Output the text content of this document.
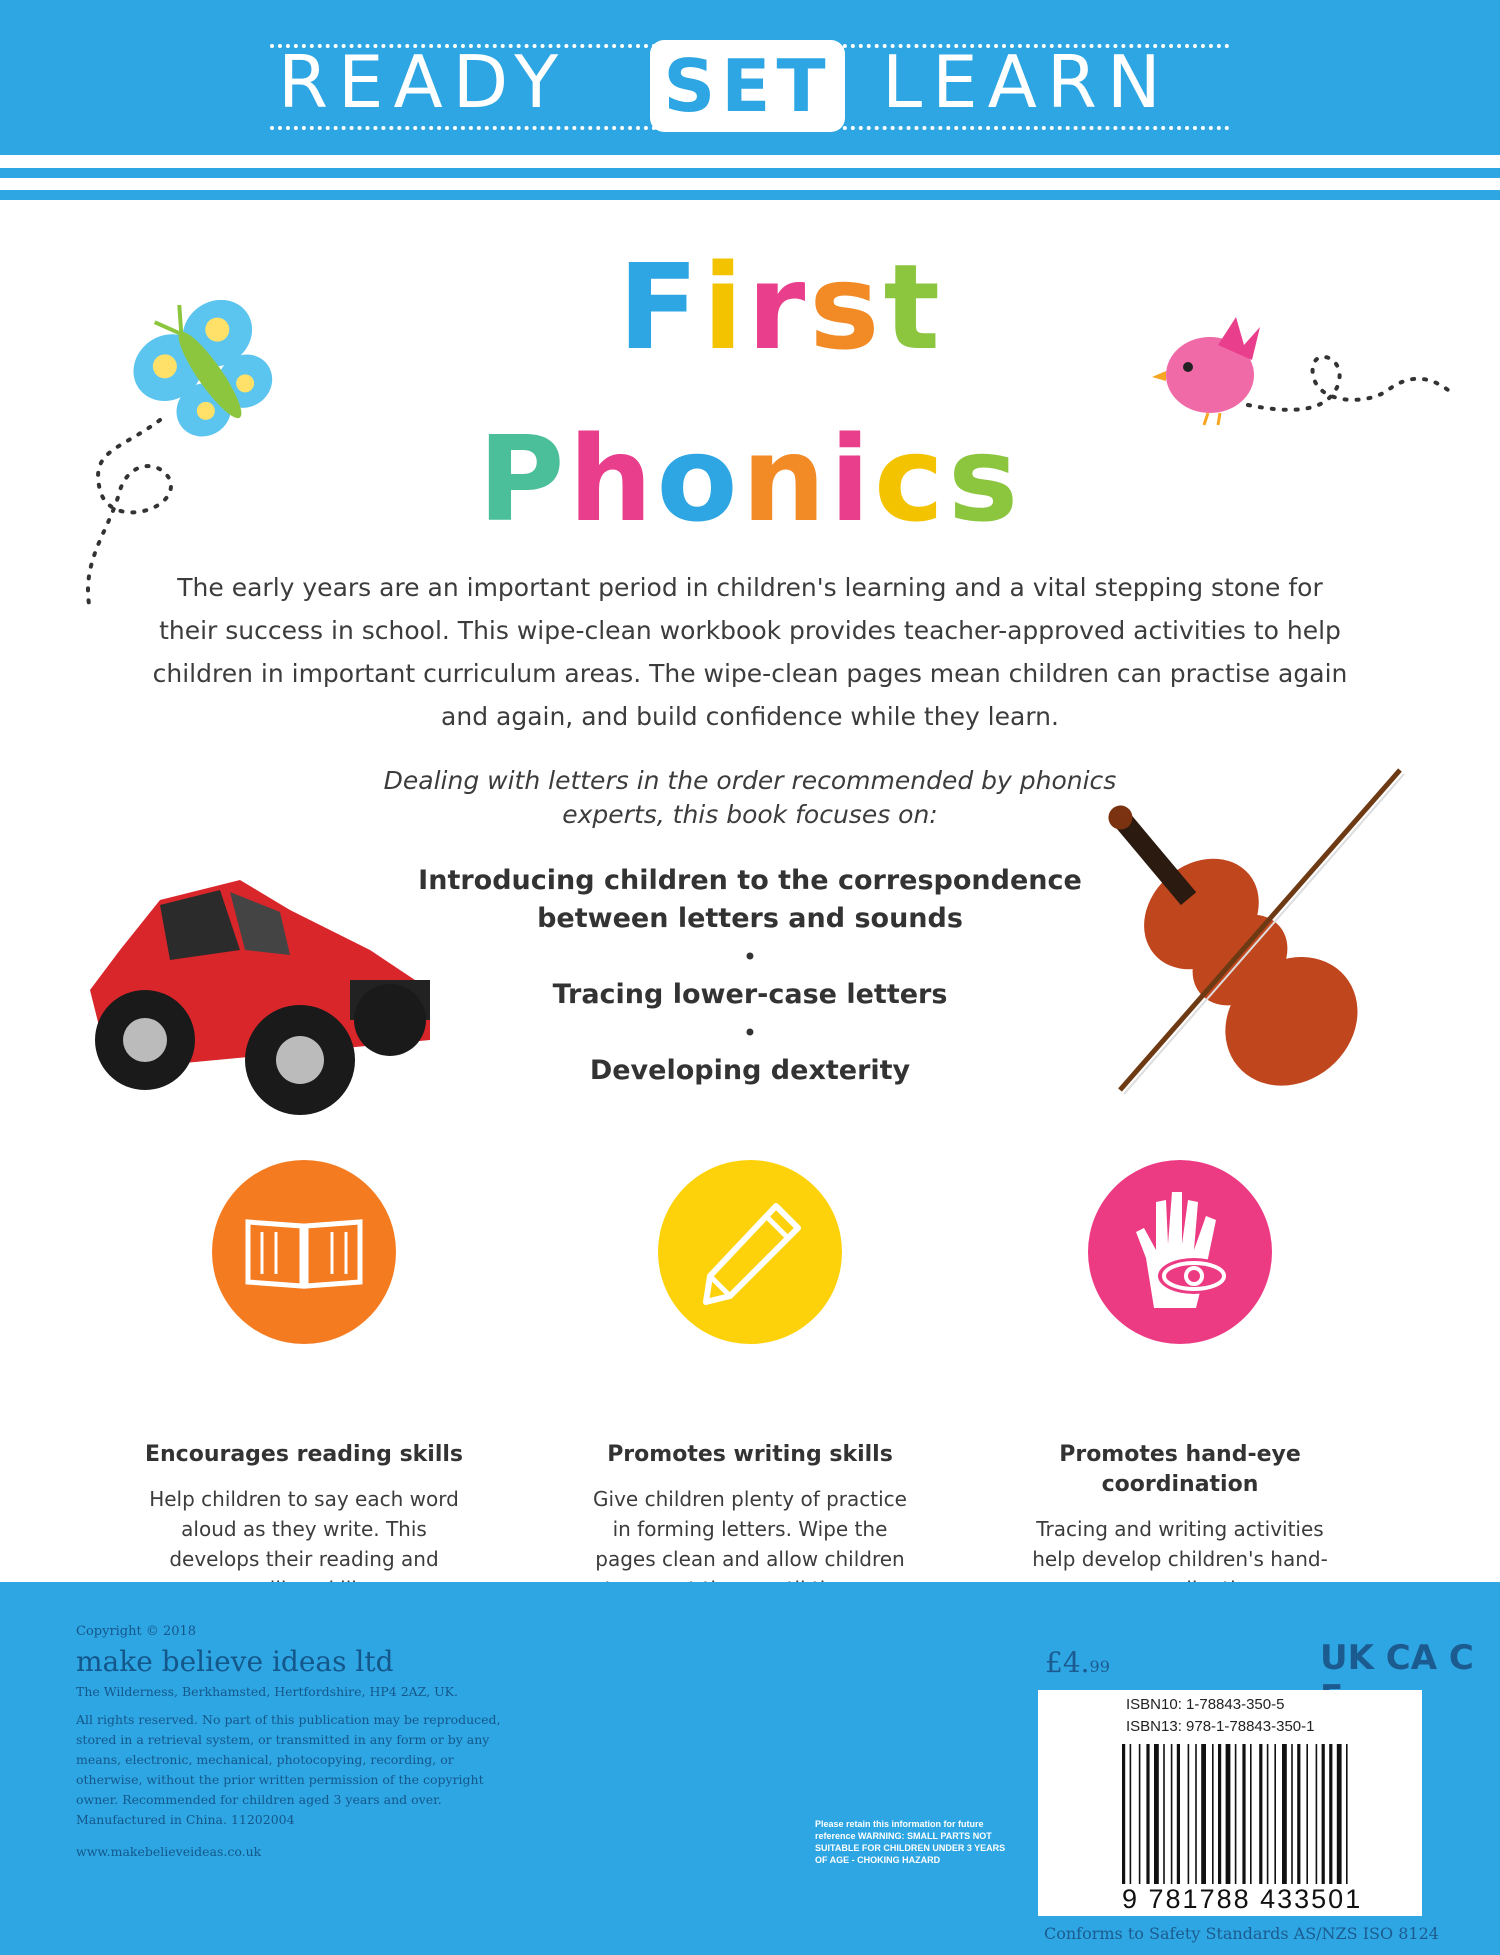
READY SET LEARN
First
Phonics
The early years are an important period in children's learning and a vital stepping stone for their success in school. This wipe-clean workbook provides teacher-approved activities to help children in important curriculum areas. The wipe-clean pages mean children can practise again and again, and build confidence while they learn.
Dealing with letters in the order recommended by phonics experts, this book focuses on:
Introducing children to the correspondence between letters and sounds
•
Tracing lower-case letters
•
Developing dexterity
Encourages reading skills
Help children to say each word aloud as they write. This develops their reading and
Promotes writing skills
Give children plenty of practice in forming letters. Wipe the pages clean and allow children
Promotes hand-eye coordination
Tracing and writing activities help develop children's hand-
Copyright © 2018
make believe ideas ltd
The Wilderness, Berkhamsted, Hertfordshire, HP4 2AZ, UK.
All rights reserved. No part of this publication may be reproduced, stored in a retrieval system, or transmitted in any form or by any means, electronic, mechanical, photocopying, recording, or otherwise, without the prior written permission of the copyright owner. Recommended for children aged 3 years and over. Manufactured in China. 1120200​4
www.makebelieveideas.co.uk
Please retain this information for future reference WARNING: SMALL PARTS NOT SUITABLE FOR CHILDREN UNDER 3 YEARS OF AGE - CHOKING HAZARD
£4.99	UK CA C
ISBN10: 1-78843-350-5
ISBN13: 978-1-78843-350-1
9 781788 433501
Conforms to Safety Standards AS/NZS ISO 8124
